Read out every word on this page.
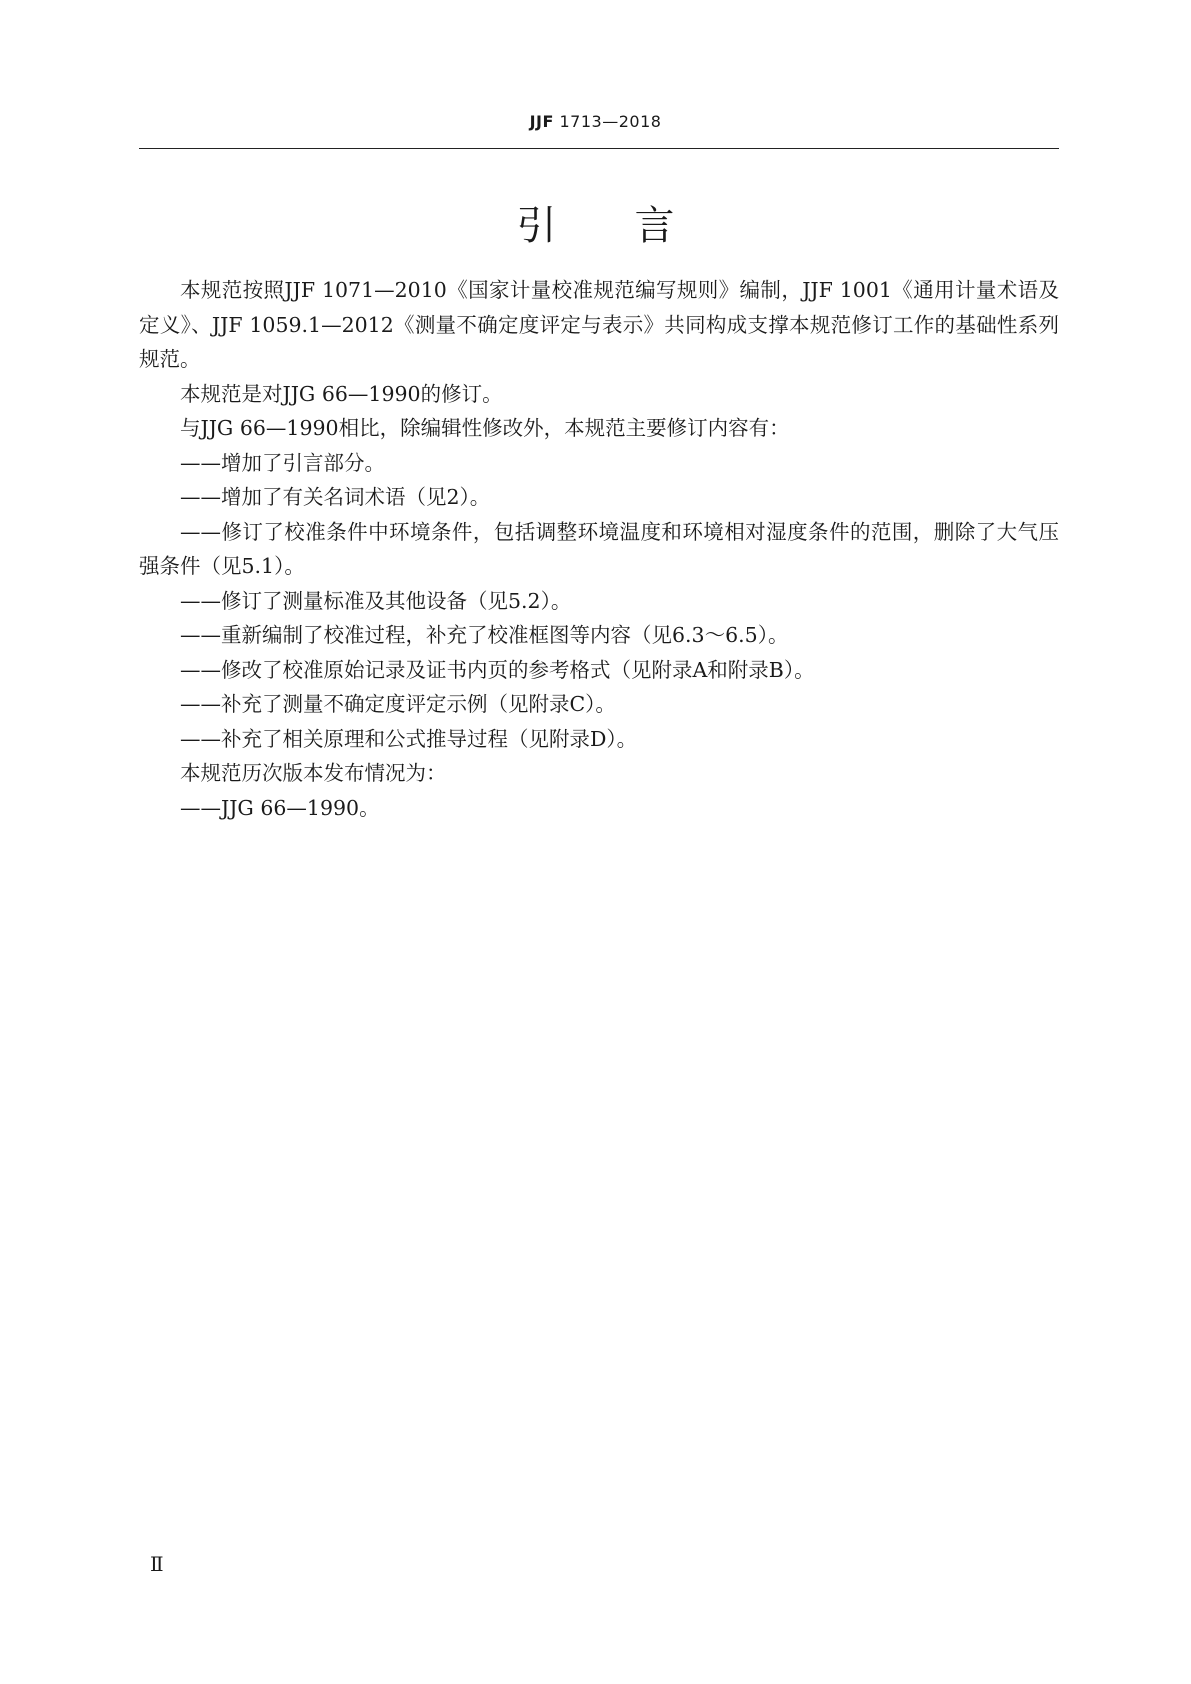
JJF 1713—2018
引言

本规范按照JJF 1071—2010《国家计量校准规范编写规则》编制，JJF 1001《通用计量术语及定义》、JJF 1059.1—2012《测量不确定度评定与表示》共同构成支撑本规范修订工作的基础性系列规范。

本规范是对JJG 66—1990的修订。

与JJG 66—1990相比，除编辑性修改外，本规范主要修订内容有：

——增加了引言部分。

——增加了有关名词术语（见2）。

——修订了校准条件中环境条件，包括调整环境温度和环境相对湿度条件的范围，删除了大气压强条件（见5.1）。

——修订了测量标准及其他设备（见5.2）。

——重新编制了校准过程，补充了校准框图等内容（见6.3～6.5）。

——修改了校准原始记录及证书内页的参考格式（见附录A和附录B）。

——补充了测量不确定度评定示例（见附录C）。

——补充了相关原理和公式推导过程（见附录D）。

本规范历次版本发布情况为：

——JJG 66—1990。

Ⅱ
